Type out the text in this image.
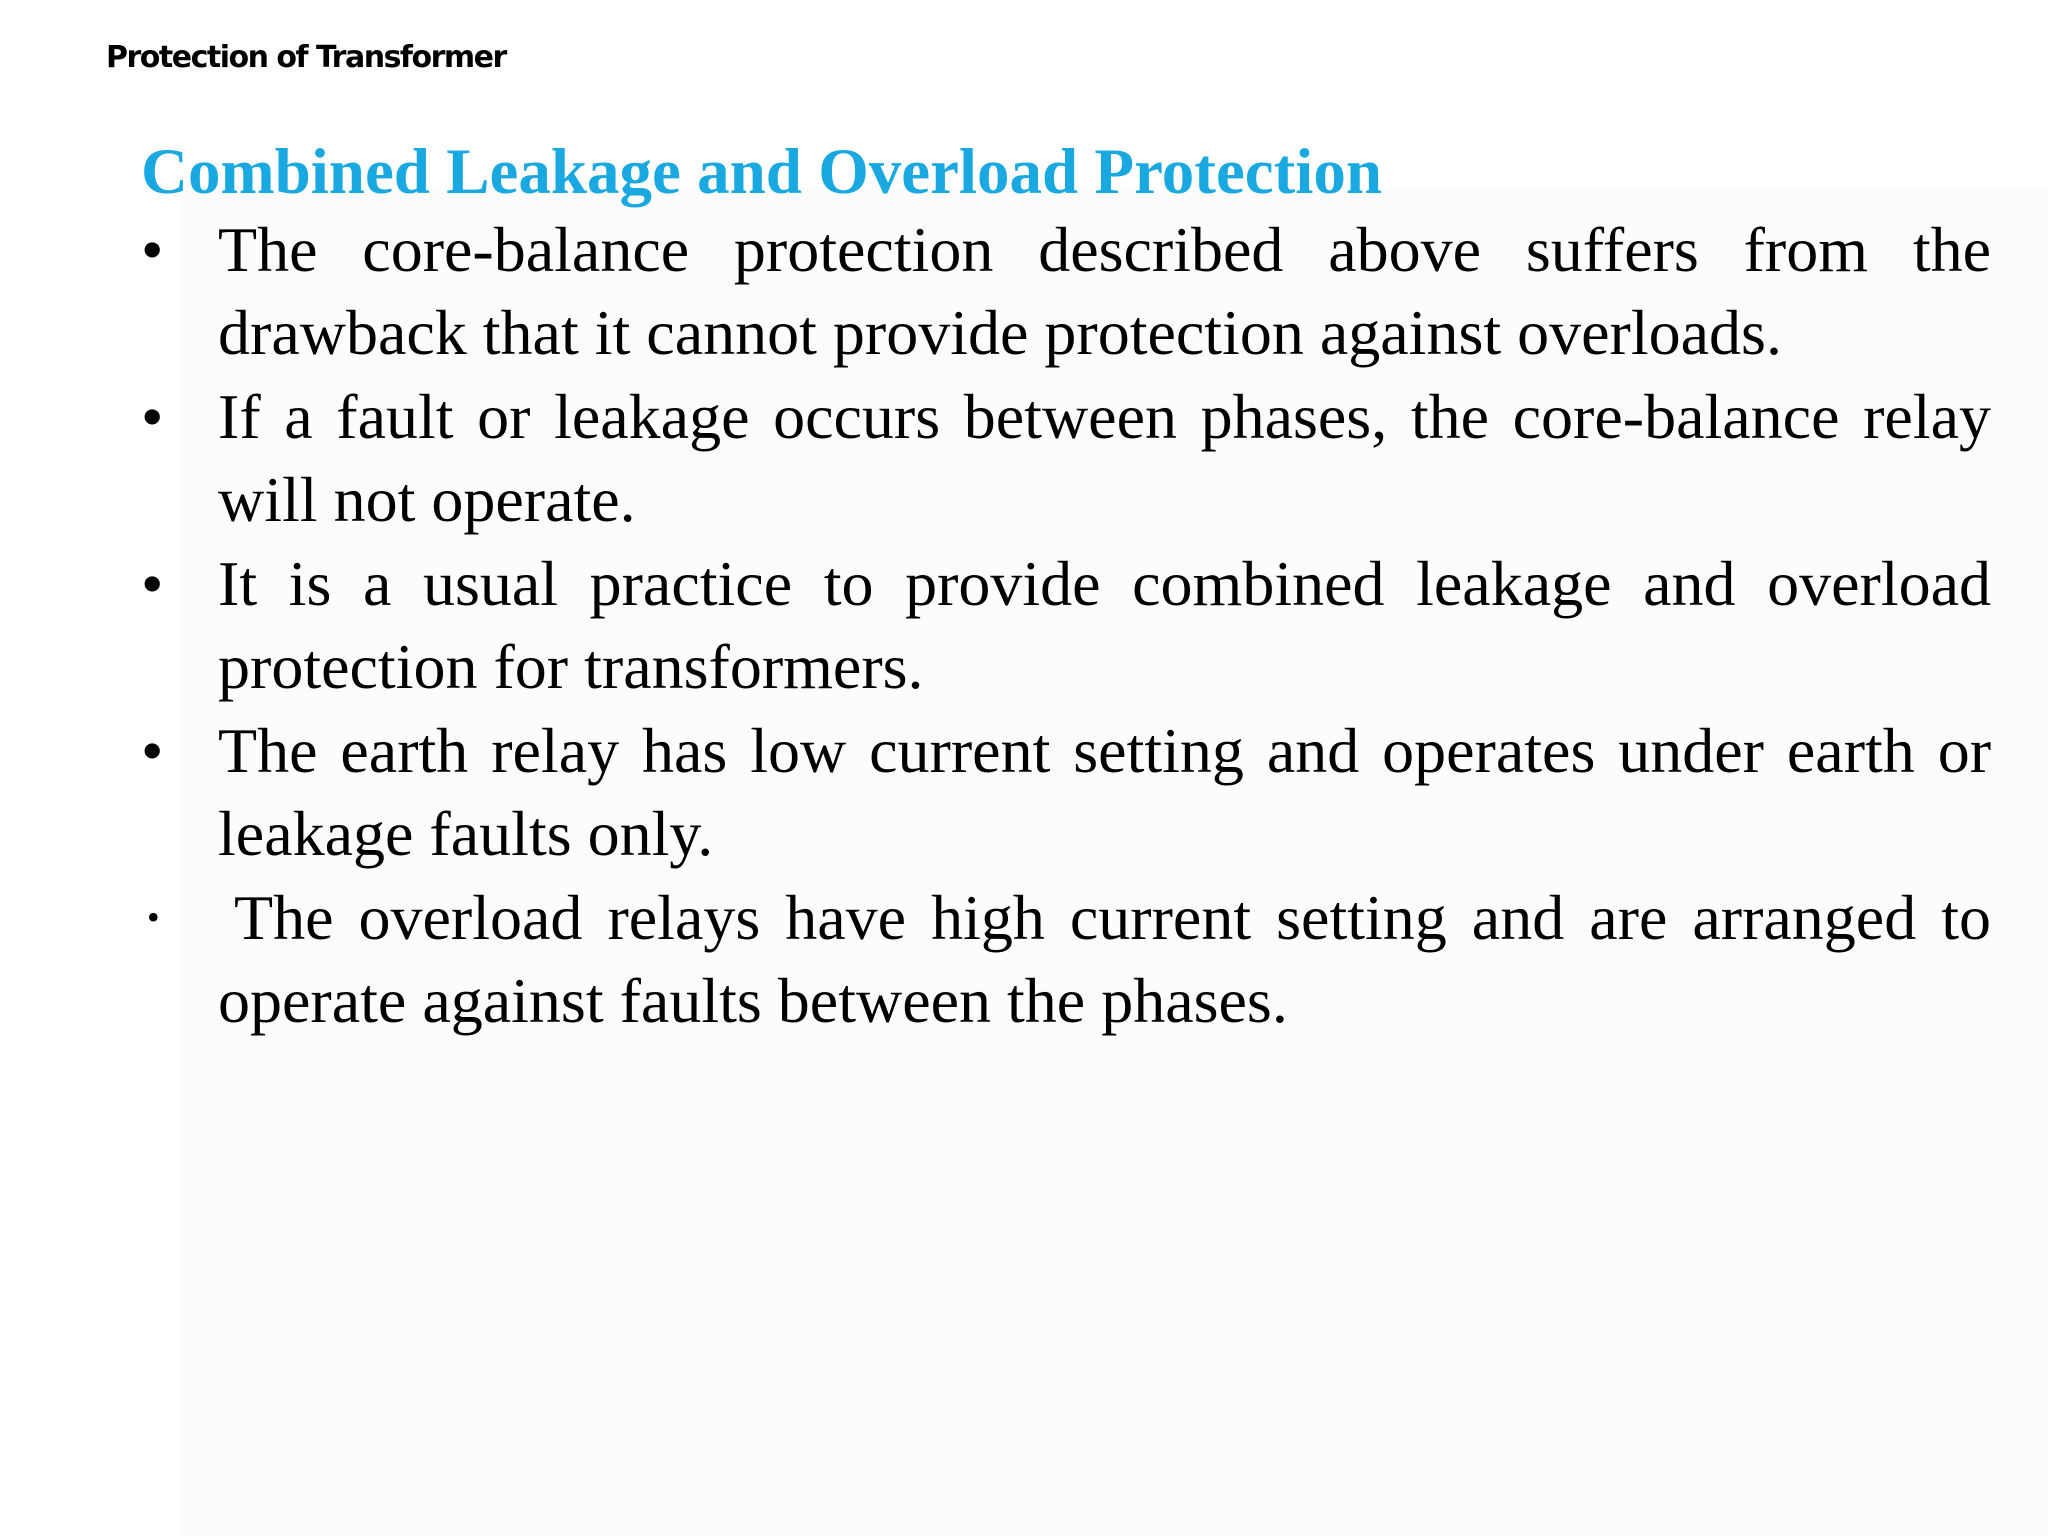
Protection of Transformer
Combined Leakage and Overload Protection
• The core-balance protection described above suffers from the drawback that it cannot provide protection against overloads.
• If a fault or leakage occurs between phases, the core-balance relay will not operate.
• It is a usual practice to provide combined leakage and overload protection for transformers.
• The earth relay has low current setting and operates under earth or leakage faults only.
•	The overload relays have high current setting and are arranged to operate against faults between the phases.
